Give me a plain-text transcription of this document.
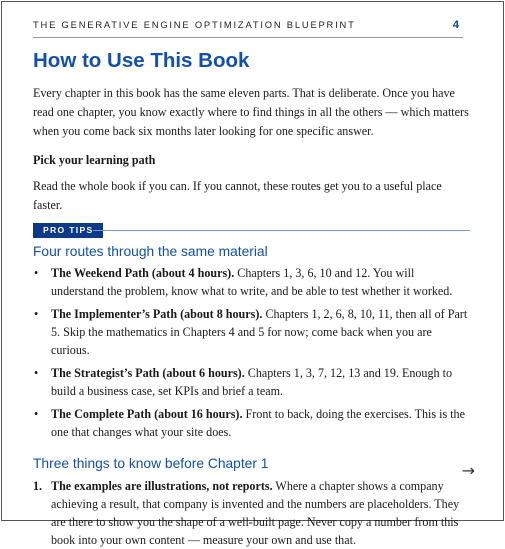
THE GENERATIVE ENGINE OPTIMIZATION BLUEPRINT	4
How to Use This Book

Every chapter in this book has the same eleven parts. That is deliberate. Once you have read one chapter, you know exactly where to find things in all the others — which matters when you come back six months later looking for one specific answer.

Pick your learning path

Read the whole book if you can. If you cannot, these routes get you to a useful place faster.

PRO TIPS
Four routes through the same material
• The Weekend Path (about 4 hours). Chapters 1, 3, 6, 10 and 12. You will understand the problem, know what to write, and be able to test whether it worked.
• The Implementer’s Path (about 8 hours). Chapters 1, 2, 6, 8, 10, 11, then all of Part 5. Skip the mathematics in Chapters 4 and 5 for now; come back when you are curious.
• The Strategist’s Path (about 6 hours). Chapters 1, 3, 7, 12, 13 and 19. Enough to build a business case, set KPIs and brief a team.
• The Complete Path (about 16 hours). Front to back, doing the exercises. This is the one that changes what your site does.
Three things to know before Chapter 1
1. The examples are illustrations, not reports. Where a chapter shows a company achieving a result, that company is invented and the numbers are placeholders. They are there to show you the shape of a well-built page. Never copy a number from this book into your own content — measure your own and use that.
→
